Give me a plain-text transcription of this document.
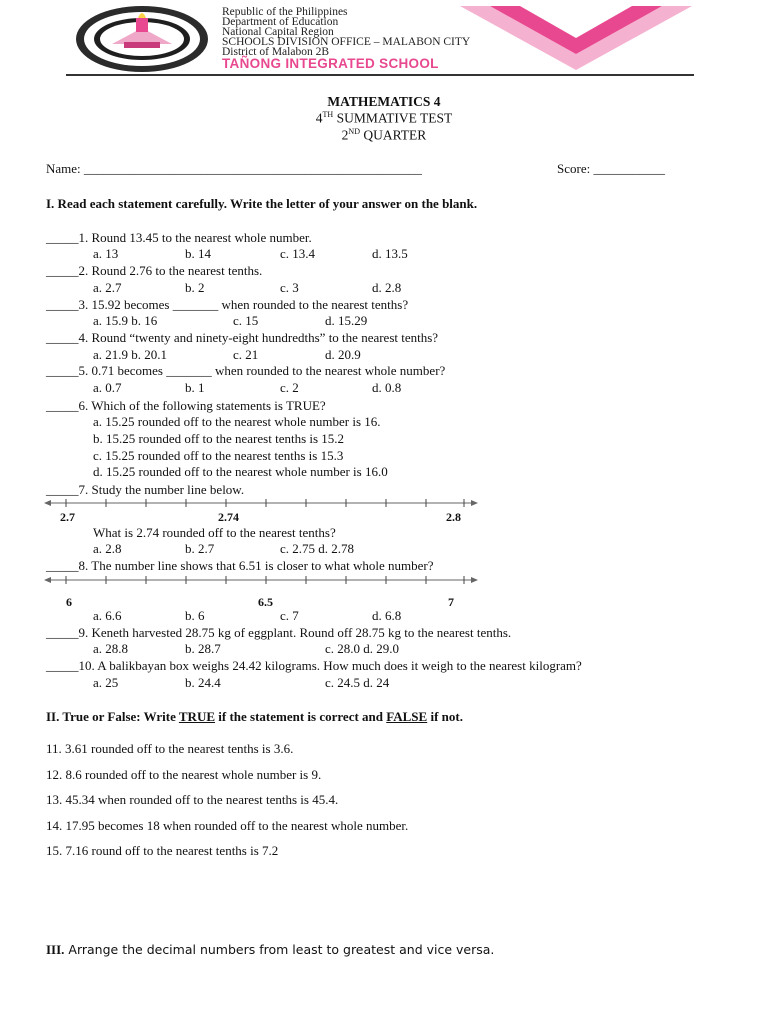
Republic of the Philippines
Department of Education
National Capital Region
SCHOOLS DIVISION OFFICE – MALABON CITY
District of Malabon 2B
TAÑONG INTEGRATED SCHOOL
MATHEMATICS 4
4TH SUMMATIVE TEST
2ND QUARTER
Name: ____________________________________________________	Score: ___________
I. Read each statement carefully. Write the letter of your answer on the blank.
_____1. Round 13.45 to the nearest whole number.
a. 13	b. 14	c. 13.4	d. 13.5
_____2. Round 2.76 to the nearest tenths.
a. 2.7	b. 2	c. 3	d. 2.8
_____3. 15.92 becomes _______ when rounded to the nearest tenths?
a. 15.9 b. 16	c. 15	d. 15.29
_____4. Round “twenty and ninety-eight hundredths” to the nearest tenths?
a. 21.9 b. 20.1	c. 21	d. 20.9
_____5. 0.71 becomes _______ when rounded to the nearest whole number?
a. 0.7	b. 1	c. 2	d. 0.8
_____6. Which of the following statements is TRUE?
a. 15.25 rounded off to the nearest whole number is 16.
b. 15.25 rounded off to the nearest tenths is 15.2
c. 15.25 rounded off to the nearest tenths is 15.3
d. 15.25 rounded off to the nearest whole number is 16.0
_____7. Study the number line below.
2.7	2.74	2.8
What is 2.74 rounded off to the nearest tenths?
a. 2.8	b. 2.7	c. 2.75 d. 2.78
_____8. The number line shows that 6.51 is closer to what whole number?
6	6.5	7
a. 6.6	b. 6	c. 7	d. 6.8
_____9. Keneth harvested 28.75 kg of eggplant. Round off 28.75 kg to the nearest tenths.
a. 28.8	b. 28.7	c. 28.0 d. 29.0
_____10. A balikbayan box weighs 24.42 kilograms. How much does it weigh to the nearest kilogram?
a. 25	b. 24.4	c. 24.5 d. 24
II. True or False: Write TRUE if the statement is correct and FALSE if not.
11. 3.61 rounded off to the nearest tenths is 3.6.
12. 8.6 rounded off to the nearest whole number is 9.
13. 45.34 when rounded off to the nearest tenths is 45.4.
14. 17.95 becomes 18 when rounded off to the nearest whole number.
15. 7.16 round off to the nearest tenths is 7.2
III. Arrange the decimal numbers from least to greatest and vice versa.
